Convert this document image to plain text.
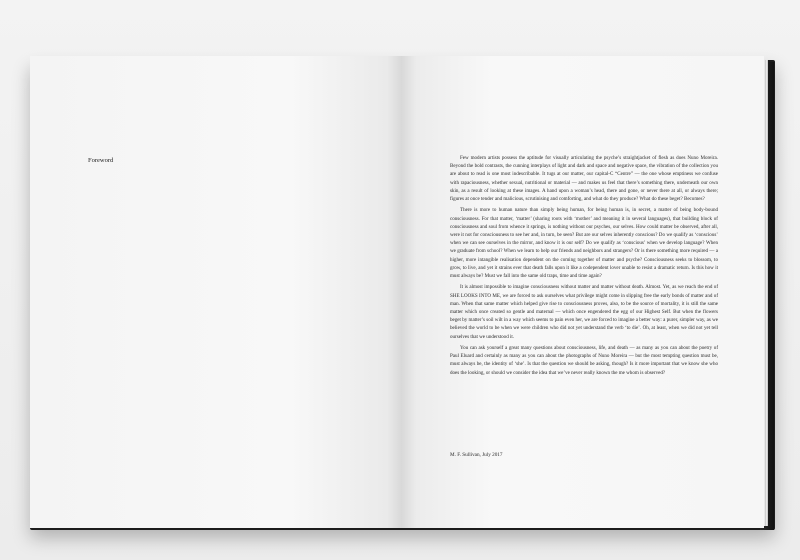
Foreword	Few modern artists possess the aptitude for visually articulating the psyche’s straightjacket of flesh as does Nuno Moreira. Beyond the bold contrasts, the cunning interplays of light and dark and space and negative space, the vibration of the collection you are about to read is one most indescribable. It tugs at our matter, our capital-C “Centre” — the one whose emptiness we confuse with rapaciousness, whether sexual, nutritional or material — and makes us feel that there’s something there, underneath our own skin, as a result of looking at these images. A hand upon a woman’s head, there and gone, or never there at all, or always there; figures at once tender and malicious, scrutinising and comforting, and what do they produce? What do these beget? Becomes?

There is more to human nature than simply being human, for being human is, in secret, a matter of being body-bound consciousness. For that matter, ‘matter’ (sharing roots with ‘mother’ and meaning it in several languages), that building block of consciousness and soul from whence it springs, is nothing without our psyches, our selves. How could matter be observed, after all, were it not for consciousness to see her and, in turn, be seen? But are our selves inherently conscious? Do we qualify as ‘conscious’ when we can see ourselves in the mirror, and know it is our self? Do we qualify as ‘conscious’ when we develop language? When we graduate from school? When we learn to help our friends and neighbors and strangers? Or is there something more required — a higher, more intangible realisation dependent on the coming together of matter and psyche? Consciousness seeks to blossom, to grow, to live, and yet it strains ever that death falls upon it like a codependent lover unable to resist a dramatic return. Is this how it must always be? Must we fall into the same old traps, time and time again?

It is almost impossible to imagine consciousness without matter and matter without death. Almost. Yet, as we reach the end of SHE LOOKS INTO ME, we are forced to ask ourselves what privilege might come in slipping free the early bonds of matter and of man. When that same matter which helped give rise to consciousness proves, also, to be the source of mortality, it is still the same matter which once created so gentle and maternal — which once engendered the egg of our Highest Self. But when the flowers beget by matter’s soil wilt in a way which seems to pain even her, we are forced to imagine a better way: a purer, simpler way, as we believed the world to be when we were children who did not yet understand the verb ‘to die’. Oh, at least, when we did not yet tell ourselves that we understood it.

You can ask yourself a great many questions about consciousness, life, and death — as many as you can about the poetry of Paul Eluard and certainly as many as you can about the photographs of Nuno Moreira — but the most tempting question must be, must always be, the identity of ‘she’. Is that the question we should be asking, though? Is it more important that we know she who does the looking, or should we consider the idea that we’ve never really known the me whom is observed?

M. F. Sullivan, July 2017
